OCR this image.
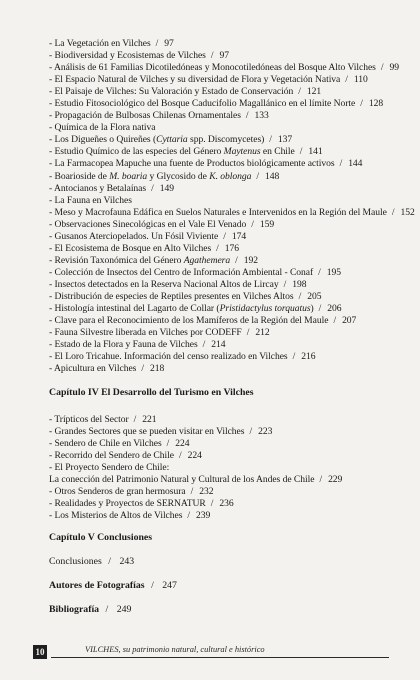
- La Vegetación en Vilches / 97
- Biodiversidad y Ecosistemas de Vilches / 97
- Análisis de 61 Familias Dicotiledóneas y Monocotiledóneas del Bosque Alto Vilches / 99
- El Espacio Natural de Vilches y su diversidad de Flora y Vegetación Nativa / 110
- El Paisaje de Vilches: Su Valoración y Estado de Conservación / 121
- Estudio Fitosociológico del Bosque Caducifolio Magallánico en el límite Norte / 128
- Propagación de Bulbosas Chilenas Ornamentales / 133
- Química de la Flora nativa
- Los Digueñes o Quireñes (Cyttaria spp. Discomycetes) / 137
- Estudio Químico de las especies del Género Maytenus en Chile / 141
- La Farmacopea Mapuche una fuente de Productos biológicamente activos / 144
- Boarioside de M. boaria y Glycosido de K. oblonga / 148
- Antocianos y Betalaínas / 149
- La Fauna en Vilches
- Meso y Macrofauna Edáfica en Suelos Naturales e Intervenidos en la Región del Maule / 152
- Observaciones Sinecológicas en el Vale El Venado / 159
- Gusanos Aterciopelados. Un Fósil Viviente / 174
- El Ecosistema de Bosque en Alto Vilches / 176
- Revisión Taxonómica del Género Agathemera / 192
- Colección de Insectos del Centro de Información Ambiental - Conaf / 195
- Insectos detectados en la Reserva Nacional Altos de Lircay / 198
- Distribución de especies de Reptiles presentes en Vilches Altos / 205
- Histología intestinal del Lagarto de Collar (Pristidactylus torquatus) / 206
- Clave para el Reconocimiento de los Mamíferos de la Región del Maule / 207
- Fauna Silvestre liberada en Vilches por CODEFF / 212
- Estado de la Flora y Fauna de Vilches / 214
- El Loro Tricahue. Información del censo realizado en Vilches / 216
- Apicultura en Vilches / 218
Capítulo IV El Desarrollo del Turismo en Vilches
- Trípticos del Sector / 221
- Grandes Sectores que se pueden visitar en Vilches / 223
- Sendero de Chile en Vilches / 224
- Recorrido del Sendero de Chile / 224
- El Proyecto Sendero de Chile:
La conección del Patrimonio Natural y Cultural de los Andes de Chile / 229
- Otros Senderos de gran hermosura / 232
- Realidades y Proyectos de SERNATUR / 236
- Los Misterios de Altos de Vilches / 239
Capítulo V Conclusiones
Conclusiones / 243
Autores de Fotografías / 247
Bibliografía / 249
10	VILCHES, su patrimonio natural, cultural e histórico
